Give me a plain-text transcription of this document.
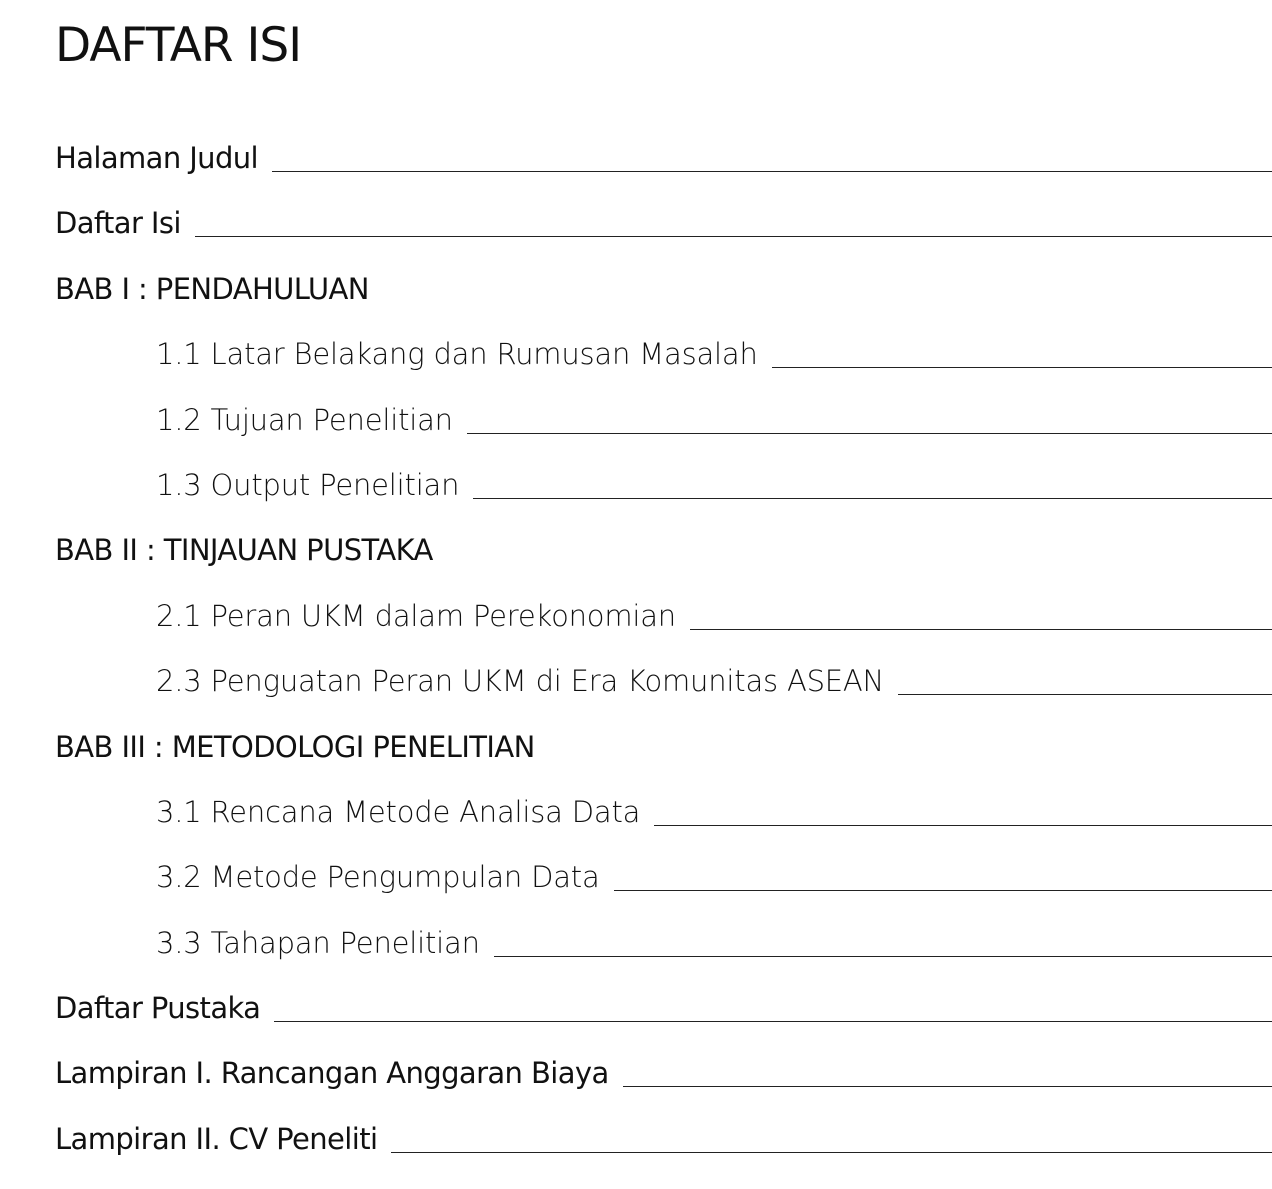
DAFTAR ISI
Halaman Judul
Daftar Isi
BAB I : PENDAHULUAN
1.1 Latar Belakang dan Rumusan Masalah
1.2 Tujuan Penelitian
1.3 Output Penelitian
BAB II : TINJAUAN PUSTAKA
2.1 Peran UKM dalam Perekonomian
2.3 Penguatan Peran UKM di Era Komunitas ASEAN
BAB III : METODOLOGI PENELITIAN
3.1 Rencana Metode Analisa Data
3.2 Metode Pengumpulan Data
3.3 Tahapan Penelitian
Daftar Pustaka
Lampiran I. Rancangan Anggaran Biaya
Lampiran II. CV Peneliti
